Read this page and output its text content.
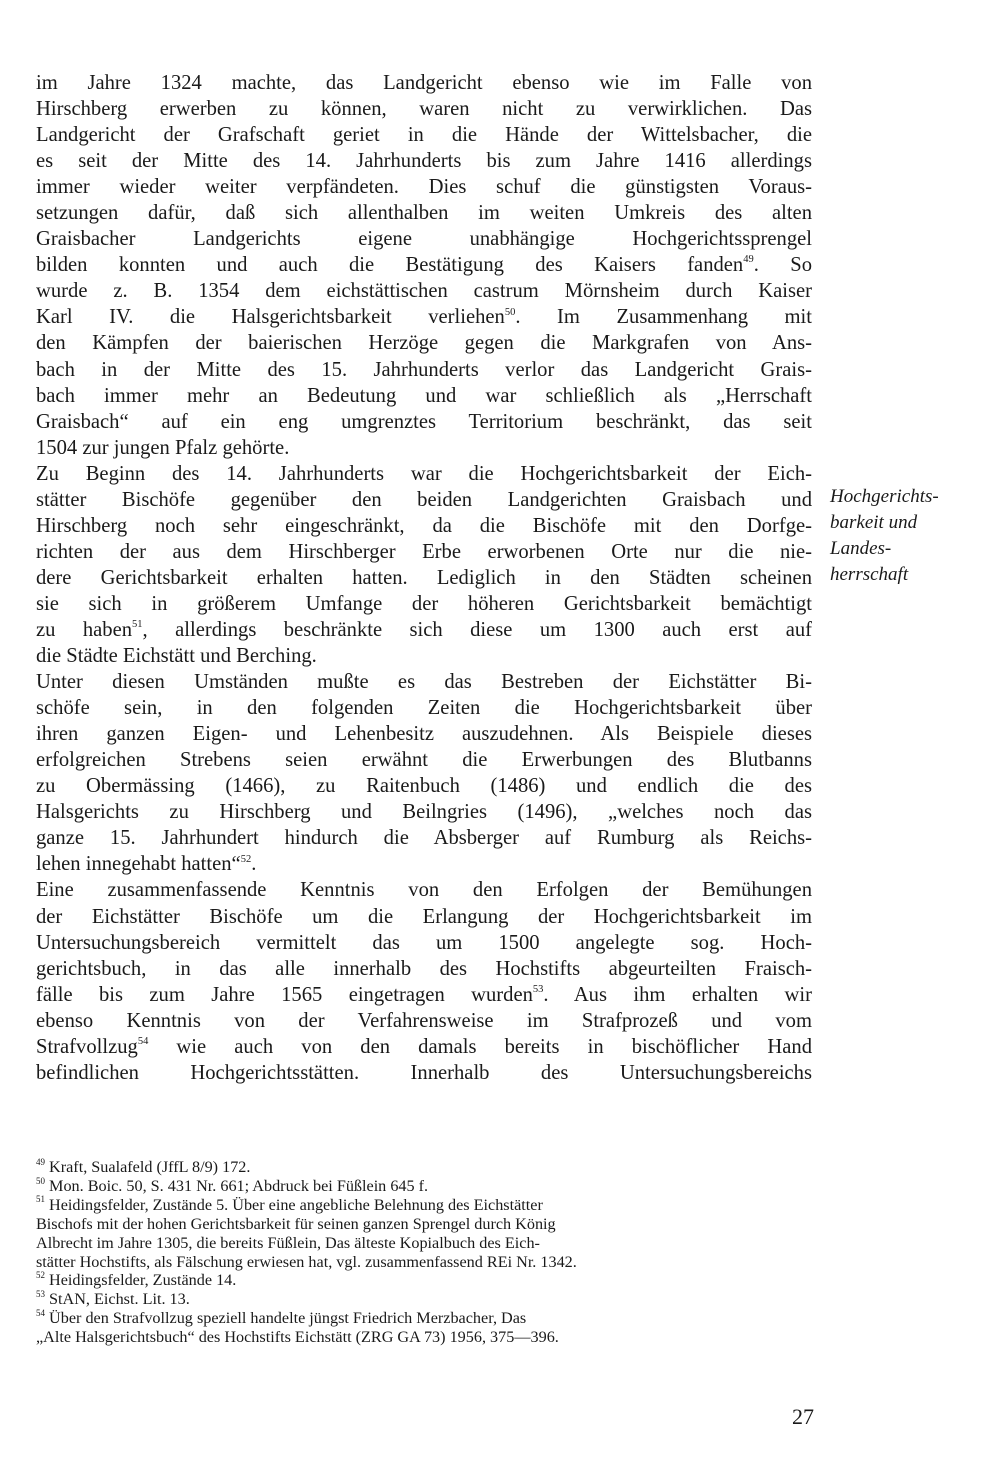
im Jahre 1324 machte, das Landgericht ebenso wie im Falle von
Hirschberg erwerben zu können, waren nicht zu verwirklichen. Das
Landgericht der Grafschaft geriet in die Hände der Wittelsbacher, die
es seit der Mitte des 14. Jahrhunderts bis zum Jahre 1416 allerdings
immer wieder weiter verpfändeten. Dies schuf die günstigsten Voraus-
setzungen dafür, daß sich allenthalben im weiten Umkreis des alten
Graisbacher Landgerichts eigene unabhängige Hochgerichtssprengel
bilden konnten und auch die Bestätigung des Kaisers fanden$^{49}$. So
wurde z. B. 1354 dem eichstättischen castrum Mörnsheim durch Kaiser
Karl IV. die Halsgerichtsbarkeit verliehen$^{50}$. Im Zusammenhang mit
den Kämpfen der baierischen Herzöge gegen die Markgrafen von Ans-
bach in der Mitte des 15. Jahrhunderts verlor das Landgericht Grais-
bach immer mehr an Bedeutung und war schließlich als „Herrschaft
Graisbach“ auf ein eng umgrenztes Territorium beschränkt, das seit
1504 zur jungen Pfalz gehörte.
Zu Beginn des 14. Jahrhunderts war die Hochgerichtsbarkeit der Eich-
stätter Bischöfe gegenüber den beiden Landgerichten Graisbach und
Hirschberg noch sehr eingeschränkt, da die Bischöfe mit den Dorfge-
richten der aus dem Hirschberger Erbe erworbenen Orte nur die nie-
dere Gerichtsbarkeit erhalten hatten. Lediglich in den Städten scheinen
sie sich in größerem Umfange der höheren Gerichtsbarkeit bemächtigt
zu haben$^{51}$, allerdings beschränkte sich diese um 1300 auch erst auf
die Städte Eichstätt und Berching.
Unter diesen Umständen mußte es das Bestreben der Eichstätter Bi-
schöfe sein, in den folgenden Zeiten die Hochgerichtsbarkeit über
ihren ganzen Eigen- und Lehenbesitz auszudehnen. Als Beispiele dieses
erfolgreichen Strebens seien erwähnt die Erwerbungen des Blutbanns
zu Obermässing (1466), zu Raitenbuch (1486) und endlich die des
Halsgerichts zu Hirschberg und Beilngries (1496), „welches noch das
ganze 15. Jahrhundert hindurch die Absberger auf Rumburg als Reichs-
lehen innegehabt hatten“$^{52}$.
Eine zusammenfassende Kenntnis von den Erfolgen der Bemühungen
der Eichstätter Bischöfe um die Erlangung der Hochgerichtsbarkeit im
Untersuchungsbereich vermittelt das um 1500 angelegte sog. Hoch-
gerichtsbuch, in das alle innerhalb des Hochstifts abgeurteilten Fraisch-
fälle bis zum Jahre 1565 eingetragen wurden$^{53}$. Aus ihm erhalten wir
ebenso Kenntnis von der Verfahrensweise im Strafprozeß und vom
Strafvollzug$^{54}$ wie auch von den damals bereits in bischöflicher Hand
befindlichen Hochgerichtsstätten. Innerhalb des Untersuchungsbereichs
Hochgerichts-
barkeit und
Landes-
herrschaft
$^{49}$ Kraft, Sualafeld (JffL 8/9) 172.
$^{50}$ Mon. Boic. 50, S. 431 Nr. 661; Abdruck bei Füßlein 645 f.
$^{51}$ Heidingsfelder, Zustände 5. Über eine angebliche Belehnung des Eichstätter
Bischofs mit der hohen Gerichtsbarkeit für seinen ganzen Sprengel durch König
Albrecht im Jahre 1305, die bereits Füßlein, Das älteste Kopialbuch des Eich-
stätter Hochstifts, als Fälschung erwiesen hat, vgl. zusammenfassend REi Nr. 1342.
$^{52}$ Heidingsfelder, Zustände 14.
$^{53}$ StAN, Eichst. Lit. 13.
$^{54}$ Über den Strafvollzug speziell handelte jüngst Friedrich Merzbacher, Das
„Alte Halsgerichtsbuch“ des Hochstifts Eichstätt (ZRG GA 73) 1956, 375—396.
27
